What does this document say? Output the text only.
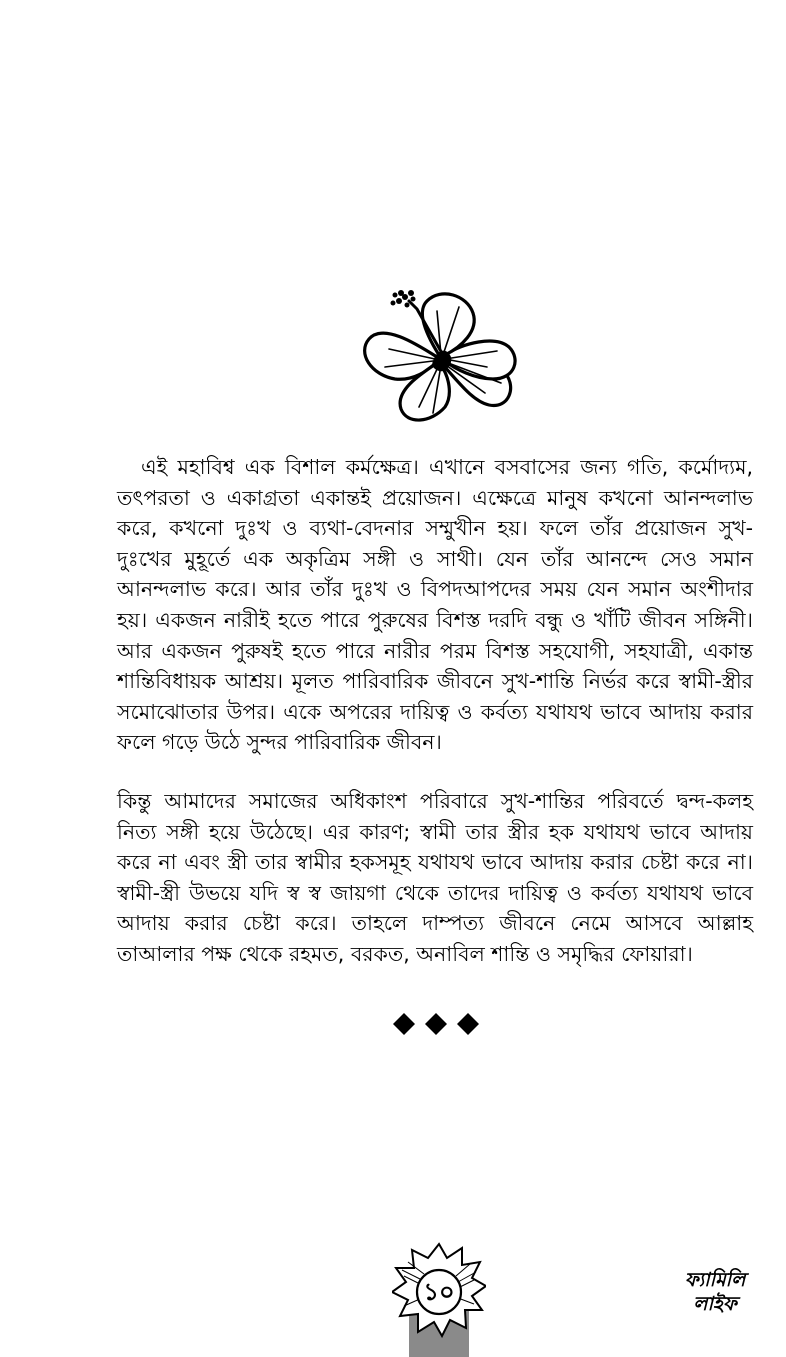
এই মহাবিশ্ব এক বিশাল কর্মক্ষেত্র। এখানে বসবাসের জন্য গতি, কর্মোদ্যম, তৎপরতা ও একাগ্রতা একান্তই প্রয়োজন। এক্ষেত্রে মানুষ কখনো আনন্দলাভ করে, কখনো দুঃখ ও ব্যথা-বেদনার সম্মুখীন হয়। ফলে তাঁর প্রয়োজন সুখ-দুঃখের মুহূর্তে এক অকৃত্রিম সঙ্গী ও সাথী। যেন তাঁর আনন্দে সেও সমান আনন্দলাভ করে। আর তাঁর দুঃখ ও বিপদআপদের সময় যেন সমান অংশীদার হয়। একজন নারীই হতে পারে পুরুষের বিশস্ত দরদি বন্ধু ও খাঁটি জীবন সঙ্গিনী। আর একজন পুরুষই হতে পারে নারীর পরম বিশস্ত সহযোগী, সহযাত্রী, একান্ত শান্তিবিধায়ক আশ্রয়। মূলত পারিবারিক জীবনে সুখ-শান্তি নির্ভর করে স্বামী-স্ত্রীর সমোঝোতার উপর। একে অপরের দায়িত্ব ও কর্বত্য যথাযথ ভাবে আদায় করার ফলে গড়ে উঠে সুন্দর পারিবারিক জীবন।

কিন্তু আমাদের সমাজের অধিকাংশ পরিবারে সুখ-শান্তির পরিবর্তে দ্বন্দ-কলহ নিত্য সঙ্গী হয়ে উঠেছে। এর কারণ; স্বামী তার স্ত্রীর হক যথাযথ ভাবে আদায় করে না এবং স্ত্রী তার স্বামীর হকসমূহ যথাযথ ভাবে আদায় করার চেষ্টা করে না। স্বামী-স্ত্রী উভয়ে যদি স্ব স্ব জায়গা থেকে তাদের দায়িত্ব ও কর্বত্য যথাযথ ভাবে আদায় করার চেষ্টা করে। তাহলে দাম্পত্য জীবনে নেমে আসবে আল্লাহ তাআলার পক্ষ থেকে রহমত, বরকত, অনাবিল শান্তি ও সমৃদ্ধির ফোয়ারা।

১০	ফ্যামিলি
লাইফ
